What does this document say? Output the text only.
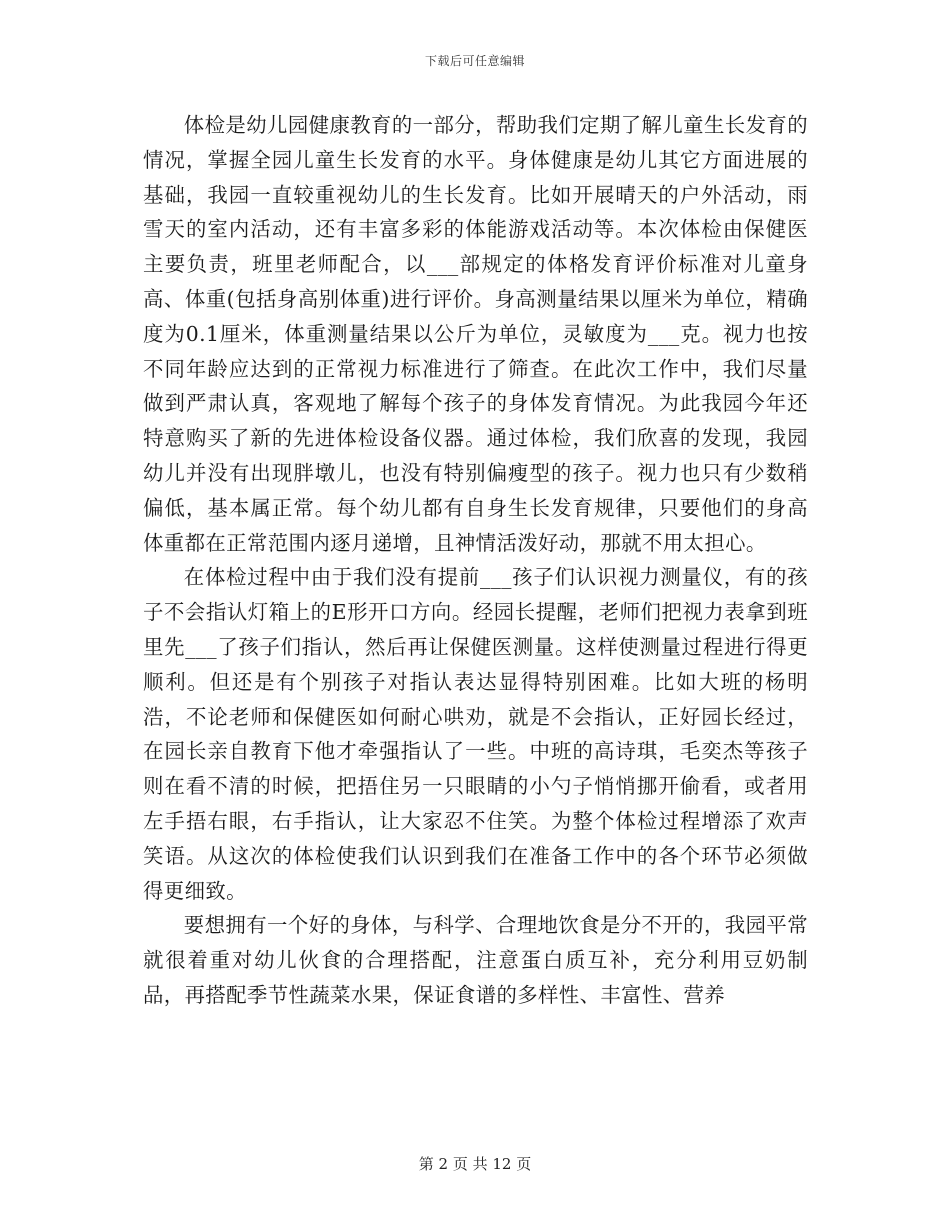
下载后可任意编辑

体检是幼儿园健康教育的一部分，帮助我们定期了解儿童生长发育的情况，掌握全园儿童生长发育的水平。身体健康是幼儿其它方面进展的基础，我园一直较重视幼儿的生长发育。比如开展晴天的户外活动，雨雪天的室内活动，还有丰富多彩的体能游戏活动等。本次体检由保健医主要负责，班里老师配合，以___部规定的体格发育评价标准对儿童身高、体重(包括身高别体重)进行评价。身高测量结果以厘米为单位，精确度为0.1厘米，体重测量结果以公斤为单位，灵敏度为___克。视力也按不同年龄应达到的正常视力标准进行了筛查。在此次工作中，我们尽量做到严肃认真，客观地了解每个孩子的身体发育情况。为此我园今年还特意购买了新的先进体检设备仪器。通过体检，我们欣喜的发现，我园幼儿并没有出现胖墩儿，也没有特别偏瘦型的孩子。视力也只有少数稍偏低，基本属正常。每个幼儿都有自身生长发育规律，只要他们的身高体重都在正常范围内逐月递增，且神情活泼好动，那就不用太担心。

在体检过程中由于我们没有提前___孩子们认识视力测量仪，有的孩子不会指认灯箱上的E形开口方向。经园长提醒，老师们把视力表拿到班里先___了孩子们指认，然后再让保健医测量。这样使测量过程进行得更顺利。但还是有个别孩子对指认表达显得特别困难。比如大班的杨明浩，不论老师和保健医如何耐心哄劝，就是不会指认，正好园长经过，在园长亲自教育下他才牵强指认了一些。中班的高诗琪，毛奕杰等孩子则在看不清的时候，把捂住另一只眼睛的小勺子悄悄挪开偷看，或者用左手捂右眼，右手指认，让大家忍不住笑。为整个体检过程增添了欢声笑语。从这次的体检使我们认识到我们在准备工作中的各个环节必须做得更细致。

要想拥有一个好的身体，与科学、合理地饮食是分不开的，我园平常就很着重对幼儿伙食的合理搭配，注意蛋白质互补，充分利用豆奶制品，再搭配季节性蔬菜水果，保证食谱的多样性、丰富性、营养

第 2 页 共 12 页
